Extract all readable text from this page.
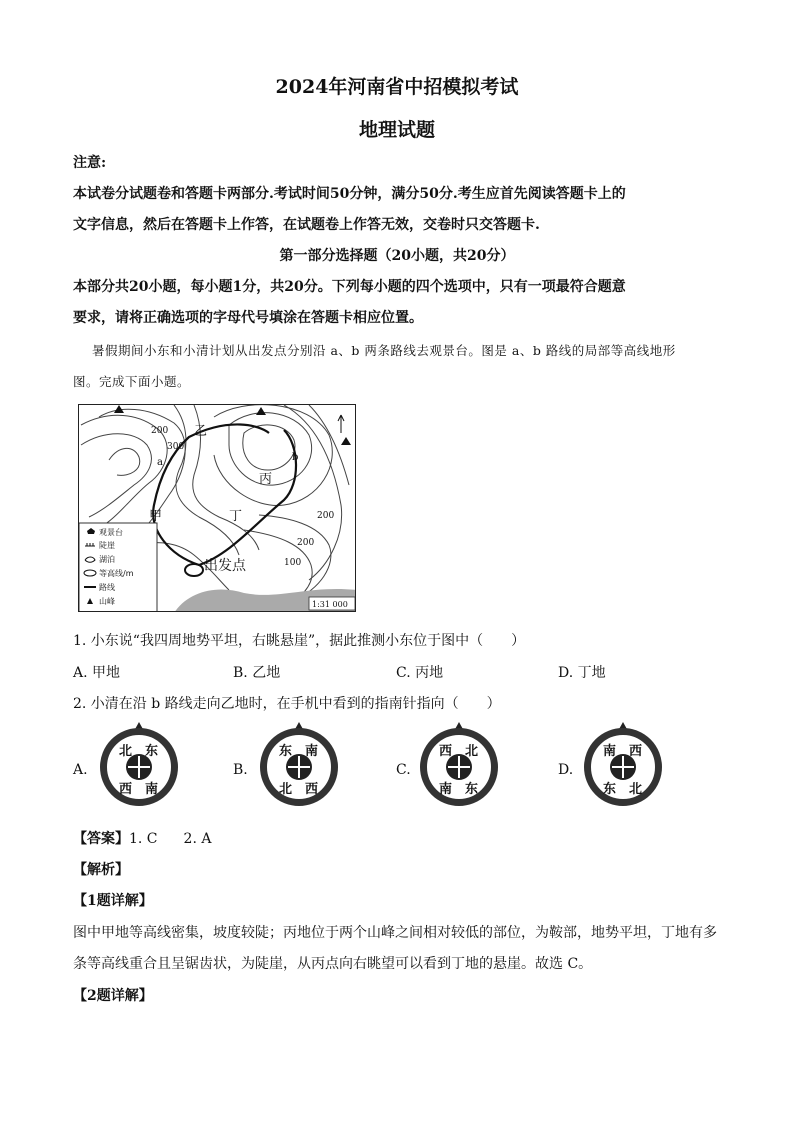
2024年河南省中招模拟考试
地理试题
注意:
本试卷分试题卷和答题卡两部分.考试时间50分钟，满分50分.考生应首先阅读答题卡上的
文字信息，然后在答题卡上作答，在试题卷上作答无效，交卷时只交答题卡.
第一部分选择题（20小题，共20分）
本部分共20小题，每小题1分，共20分。下列每小题的四个选项中，只有一项最符合题意
要求，请将正确选项的字母代号填涂在答题卡相应位置。
暑假期间小东和小清计划从出发点分别沿 a、b 两条路线去观景台。图是 a、b 路线的局部等高线地形
图。完成下面小题。
观景台
陡崖
湖泊
等高线/m
路线
山峰
乙
甲
丙
丁
出发点
200
200
200
100
300
a	b
1:31 000
1. 小东说“我四周地势平坦，右眺悬崖”，据此推测小东位于图中（　　）
A. 甲地	B. 乙地	C. 丙地	D. 丁地
2. 小清在沿 b 路线走向乙地时，在手机中看到的指南针指向（　　）
A.
北 东
西 南
B.
东 南
北 西
C.
西 北
南 东
D.
南 西
东 北
【答案】1. C 2. A
【解析】
【1题详解】
图中甲地等高线密集，坡度较陡；丙地位于两个山峰之间相对较低的部位，为鞍部，地势平坦，丁地有多
条等高线重合且呈锯齿状，为陡崖，从丙点向右眺望可以看到丁地的悬崖。故选 C。
【2题详解】
